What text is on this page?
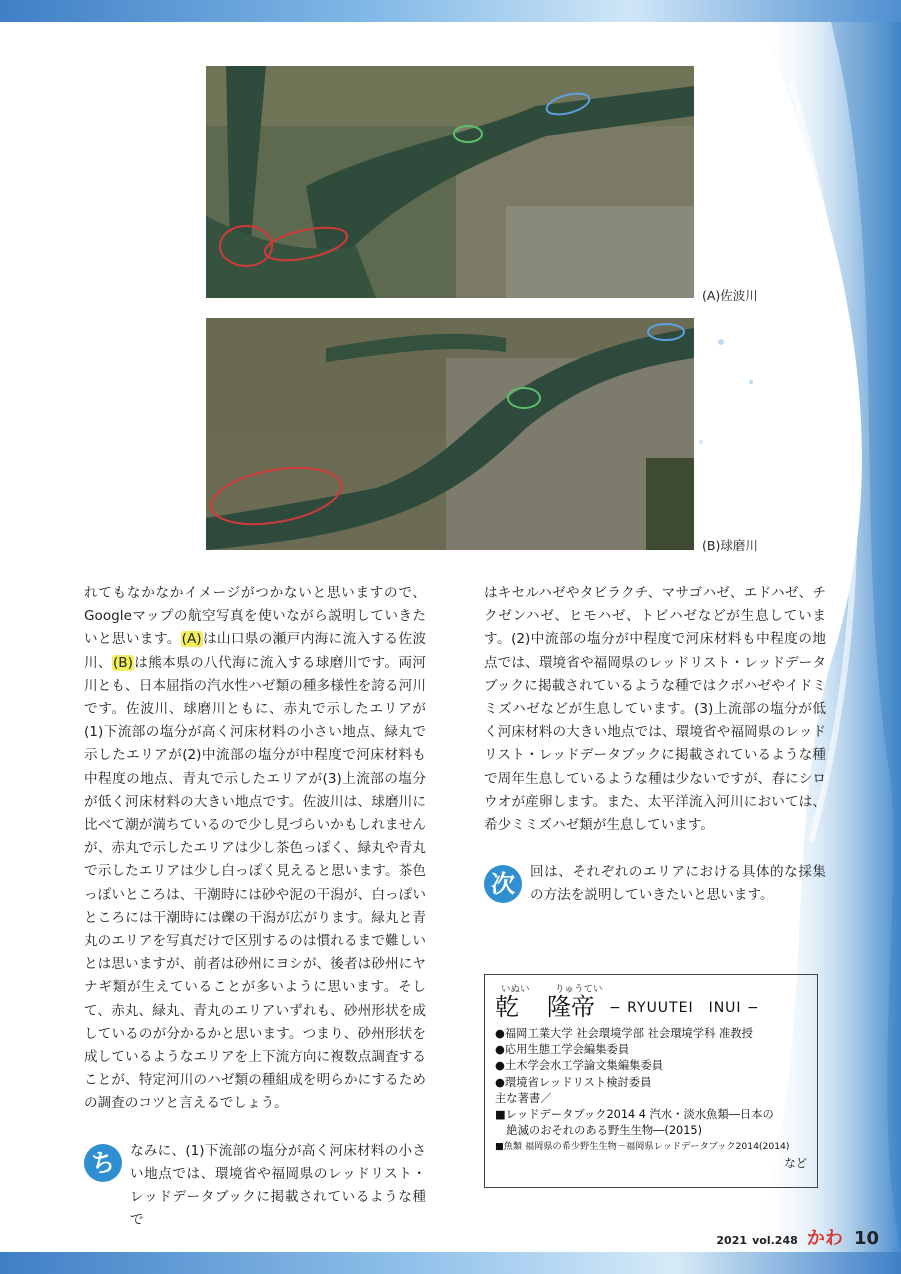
(A)佐波川
(B)球磨川

れてもなかなかイメージがつかないと思いますので、Googleマップの航空写真を使いながら説明していきたいと思います。(A)は山口県の瀬戸内海に流入する佐波川、(B)は熊本県の八代海に流入する球磨川です。両河川とも、日本屈指の汽水性ハゼ類の種多様性を誇る河川です。佐波川、球磨川ともに、赤丸で示したエリアが(1)下流部の塩分が高く河床材料の小さい地点、緑丸で示したエリアが(2)中流部の塩分が中程度で河床材料も中程度の地点、青丸で示したエリアが(3)上流部の塩分が低く河床材料の大きい地点です。佐波川は、球磨川に比べて潮が満ちているので少し見づらいかもしれませんが、赤丸で示したエリアは少し茶色っぽく、緑丸や青丸で示したエリアは少し白っぽく見えると思います。茶色っぽいところは、干潮時には砂や泥の干潟が、白っぽいところには干潮時には礫の干潟が広がります。緑丸と青丸のエリアを写真だけで区別するのは慣れるまで難しいとは思いますが、前者は砂州にヨシが、後者は砂州にヤナギ類が生えていることが多いように思います。そして、赤丸、緑丸、青丸のエリアいずれも、砂州形状を成しているのが分かるかと思います。つまり、砂州形状を成しているようなエリアを上下流方向に複数点調査することが、特定河川のハゼ類の種組成を明らかにするための調査のコツと言えるでしょう。

ち	なみに、(1)下流部の塩分が高く河床材料の小さい地点では、環境省や福岡県のレッドリスト・レッドデータブックに掲載されているような種で

はキセルハゼやタビラクチ、マサゴハゼ、エドハゼ、チクゼンハゼ、ヒモハゼ、トビハゼなどが生息しています。(2)中流部の塩分が中程度で河床材料も中程度の地点では、環境省や福岡県のレッドリスト・レッドデータブックに掲載されているような種ではクボハゼやイドミミズハゼなどが生息しています。(3)上流部の塩分が低く河床材料の大きい地点では、環境省や福岡県のレッドリスト・レッドデータブックに掲載されているような種で周年生息しているような種は少ないですが、春にシロウオが産卵します。また、太平洋流入河川においては、希少ミミズハゼ類が生息しています。

次	回は、それぞれのエリアにおける具体的な採集の方法を説明していきたいと思います。

いぬい	りゅうてい
乾 隆帝 − RYUUTEI　INUI −
●福岡工業大学 社会環境学部 社会環境学科 准教授
●応用生態工学会編集委員
●土木学会水工学論文集編集委員
●環境省レッドリスト検討委員
主な著書／
■レッドデータブック2014 4 汽水・淡水魚類―日本の
　絶滅のおそれのある野生生物―(2015)
■魚類 福岡県の希少野生生物－福岡県レッドデータブック2014(2014)
など
2021 vol.248 かわ 10
